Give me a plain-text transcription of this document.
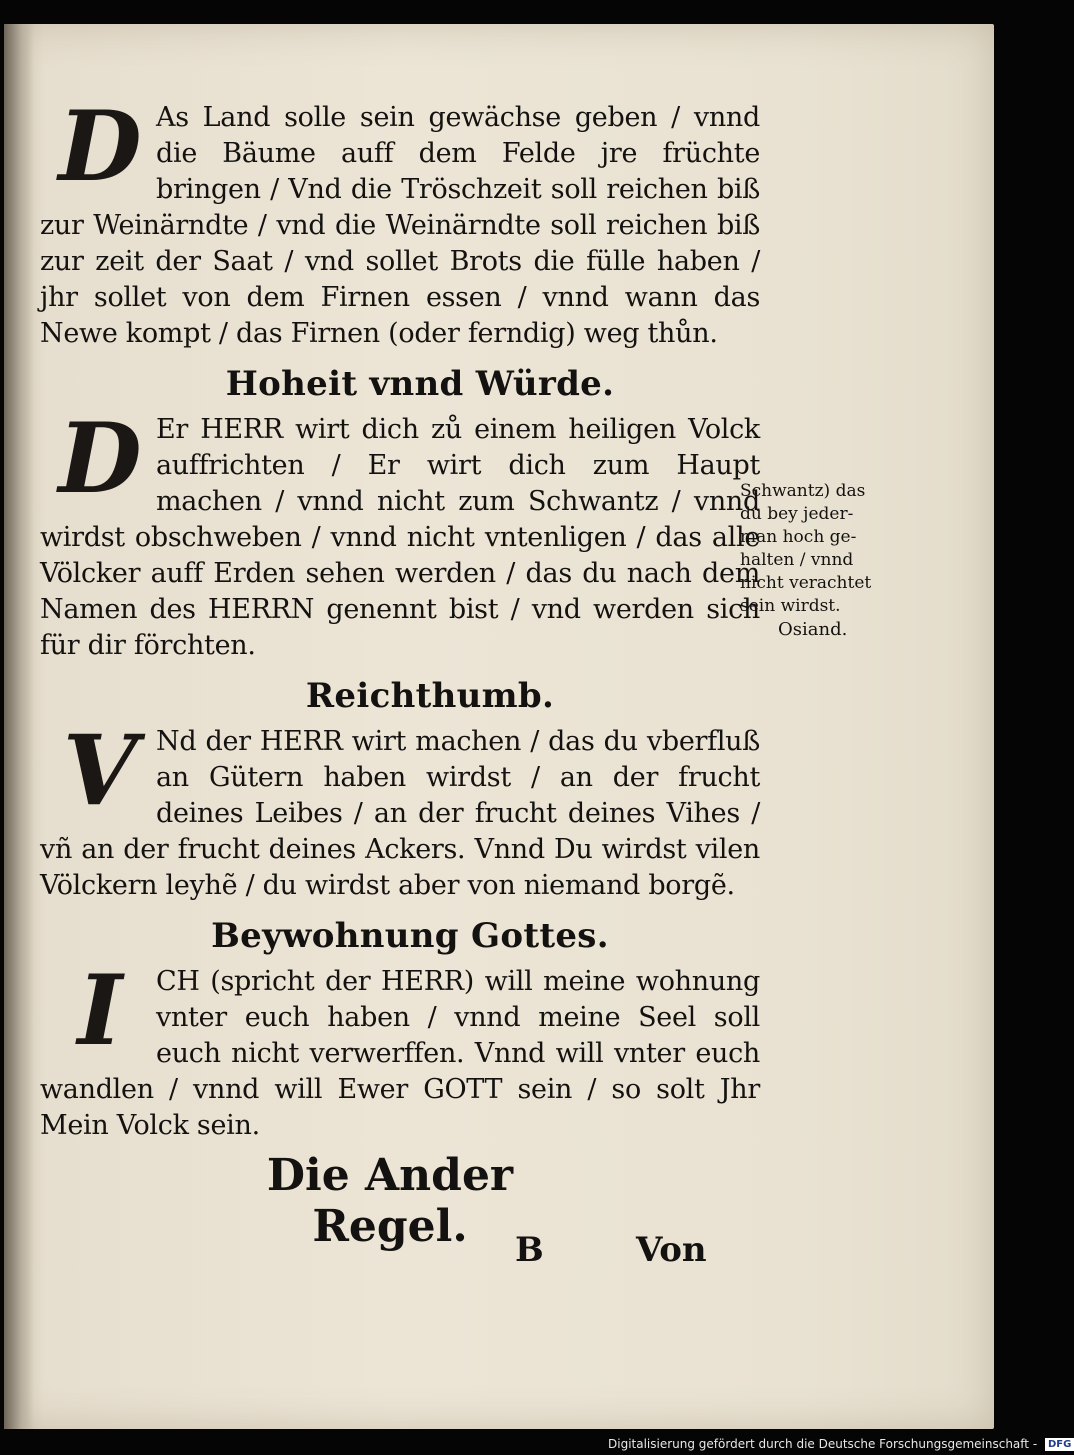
D As Land solle sein gewächse geben / vnnd die Bäume auff dem Felde jre früchte bringen / Vnd die Tröschzeit soll reichen biß zur Weinärndte / vnd die Weinärndte soll reichen biß zur zeit der Saat / vnd sollet Brots die fülle haben / jhr sollet von dem Firnen essen / vnnd wann das Newe kompt / das Firnen (oder ferndig) weg thůn.

Hoheit vnnd Würde.
D Er HERR wirt dich zů einem heiligen Volck auffrichten / Er wirt dich zum Haupt machen / vnnd nicht zum Schwantz / vnnd wirdst obschweben / vnnd nicht vntenligen / das alle Völcker auff Erden sehen werden / das du nach dem Namen des HERRN genennt bist / vnd werden sich für dir förchten.

Reichthumb.
V Nd der HERR wirt machen / das du vberfluß an Gütern haben wirdst / an der frucht deines Leibes / an der frucht deines Vihes / vñ an der frucht deines Ackers. Vnnd Du wirdst vilen Völckern leyhẽ / du wirdst aber von niemand borgẽ.

Beywohnung Gottes.
I	CH (spricht der HERR) will meine wohnung vnter euch haben / vnnd meine Seel soll euch nicht verwerffen. Vnnd will vnter euch wandlen / vnnd will Ewer GOTT sein / so solt Jhr Mein Volck sein.

Schwantz) das
du bey jeder-
man hoch ge-
halten / vnnd
nicht verachtet
sein wirdst.
Osiand.
Die Ander Regel.	B	Von
Digitalisierung gefördert durch die Deutsche Forschungsgemeinschaft - DFG
